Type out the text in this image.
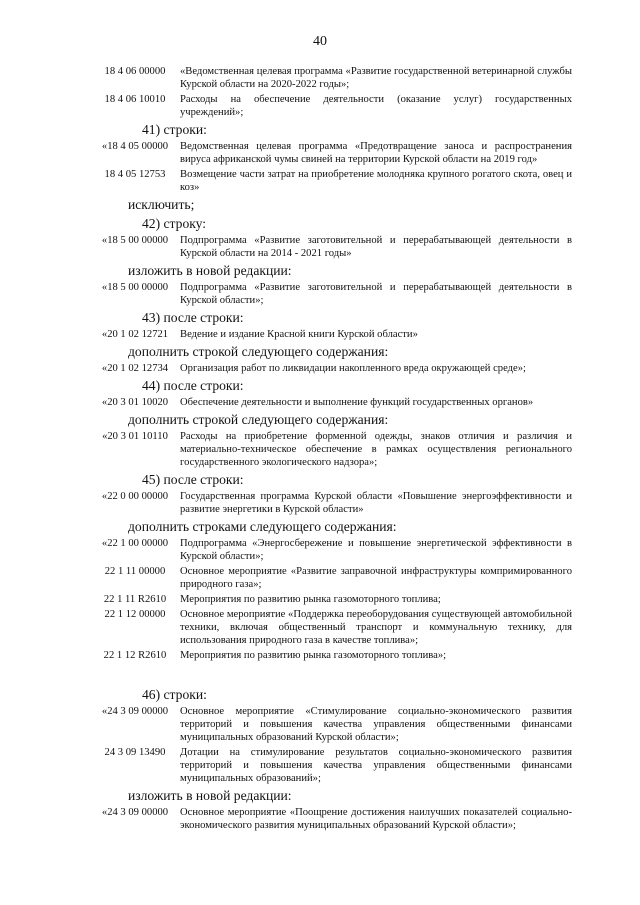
40
18 4 06 00000	«Ведомственная целевая программа «Развитие государственной ветеринарной службы Курской области на 2020-2022 годы»;
18 4 06 10010	Расходы на обеспечение деятельности (оказание услуг) государственных учреждений»;
41) строки:
«18 4 05 00000	Ведомственная целевая программа «Предотвращение заноса и распространения вируса африканской чумы свиней на территории Курской области на 2019 год»
18 4 05 12753	Возмещение части затрат на приобретение молодняка крупного рогатого скота, овец и коз»
исключить;
42) строку:
«18 5 00 00000	Подпрограмма «Развитие заготовительной и перерабатывающей деятельности в Курской области на 2014 - 2021 годы»
изложить в новой редакции:
«18 5 00 00000	Подпрограмма «Развитие заготовительной и перерабатывающей деятельности в Курской области»;
43) после строки:
«20 1 02 12721	Ведение и издание Красной книги Курской области»
дополнить строкой следующего содержания:
«20 1 02 12734	Организация работ по ликвидации накопленного вреда окружающей среде»;
44) после строки:
«20 3 01 10020	Обеспечение деятельности и выполнение функций государственных органов»
дополнить строкой следующего содержания:
«20 3 01 10110	Расходы на приобретение форменной одежды, знаков отличия и различия и материально-техническое обеспечение в рамках осуществления регионального государственного экологического надзора»;
45) после строки:
«22 0 00 00000	Государственная программа Курской области «Повышение энергоэффективности и развитие энергетики в Курской области»
дополнить строками следующего содержания:
«22 1 00 00000	Подпрограмма «Энергосбережение и повышение энергетической эффективности в Курской области»;
22 1 11 00000	Основное мероприятие «Развитие заправочной инфраструктуры компримированного природного газа»;
22 1 11 R2610	Мероприятия по развитию рынка газомоторного топлива;
22 1 12 00000	Основное мероприятие «Поддержка переоборудования существующей автомобильной техники, включая общественный транспорт и коммунальную технику, для использования природного газа в качестве топлива»;
22 1 12 R2610	Мероприятия по развитию рынка газомоторного топлива»;
46) строки:
«24 3 09 00000	Основное мероприятие «Стимулирование социально-экономического развития территорий и повышения качества управления общественными финансами муниципальных образований Курской области»;
24 3 09 13490	Дотации на стимулирование результатов социально-экономического развития территорий и повышения качества управления общественными финансами муниципальных образований»;
изложить в новой редакции:
«24 3 09 00000	Основное мероприятие «Поощрение достижения наилучших показателей социально-экономического развития муниципальных образований Курской области»;
